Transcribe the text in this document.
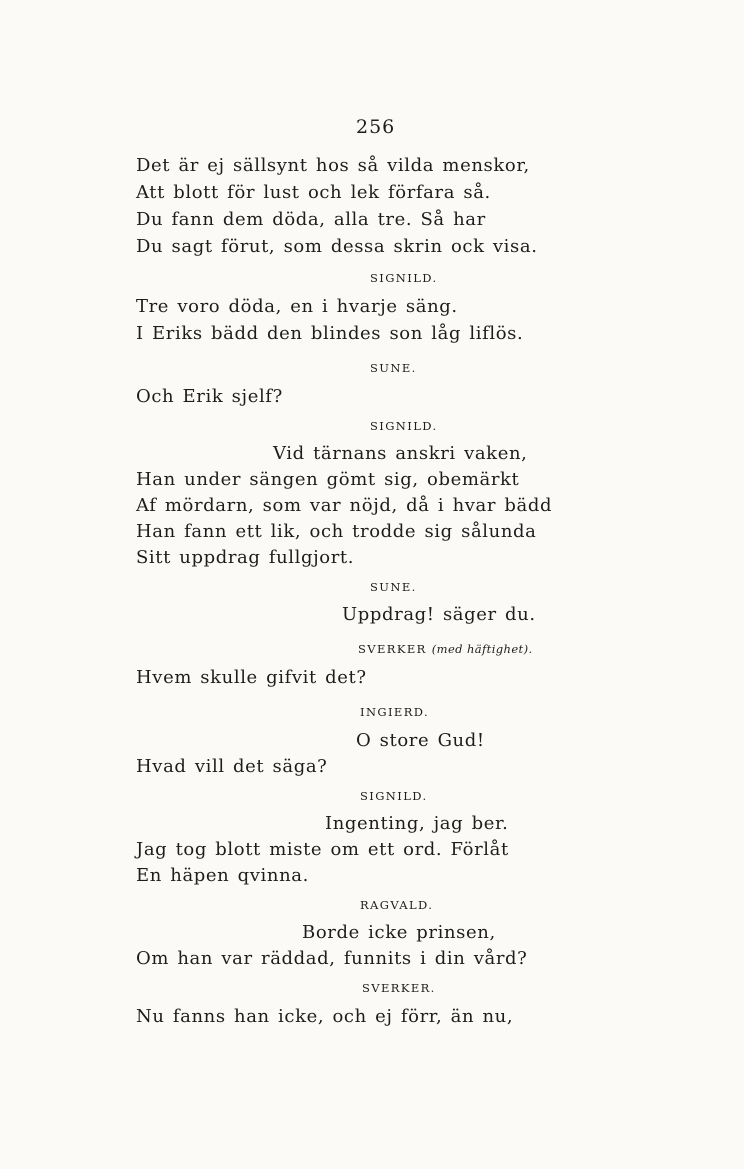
256
Det är ej sällsynt hos så vilda menskor,
Att blott för lust och lek förfara så.
Du fann dem döda, alla tre. Så har
Du sagt förut, som dessa skrin ock visa.
SIGNILD.
Tre voro döda, en i hvarje säng.
I Eriks bädd den blindes son låg liflös.
SUNE.
Och Erik sjelf?
SIGNILD.
Vid tärnans anskri vaken,
Han under sängen gömt sig, obemärkt
Af mördarn, som var nöjd, då i hvar bädd
Han fann ett lik, och trodde sig sålunda
Sitt uppdrag fullgjort.
SUNE.
Uppdrag! säger du.
SVERKER (med häftighet).
Hvem skulle gifvit det?
INGIERD.
O store Gud!
Hvad vill det säga?
SIGNILD.
Ingenting, jag ber.
Jag tog blott miste om ett ord. Förlåt
En häpen qvinna.
RAGVALD.
Borde icke prinsen,
Om han var räddad, funnits i din vård?
SVERKER.
Nu fanns han icke, och ej förr, än nu,
